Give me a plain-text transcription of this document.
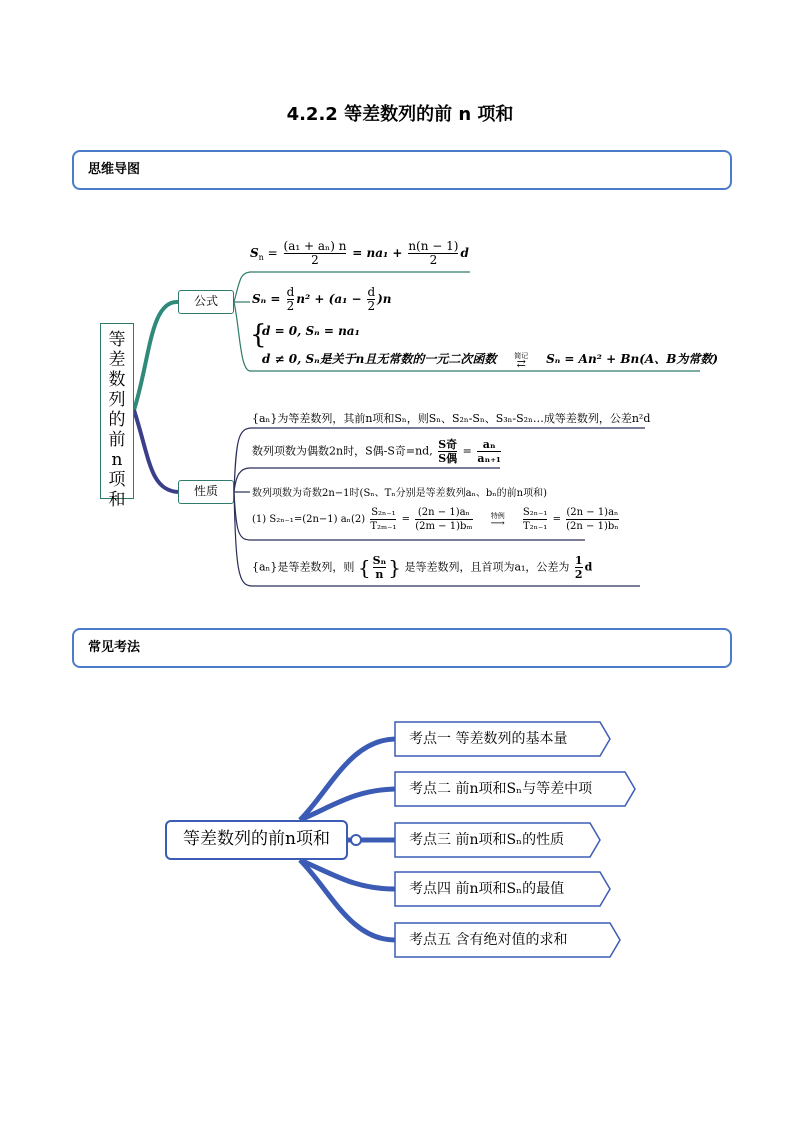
4.2.2 等差数列的前 n 项和
思维导图
等
差
数
列
的
前
n
项
和
公式
性质
$S_n = \frac{\text{(a₁ + aₙ) n}}{2} = na_1 + \frac{n(n - 1)}{2}$ d
$S_n = \frac{d}{2} n^2 + (a_1 - \frac{d}{2} )n$
{
d = 0, Sₙ = na₁
d ≠ 0, Sₙ是关于n且无常数的一元二次函数	简记
⇄	Sₙ = An² + Bn(A、B为常数)
{aₙ}为等差数列，其前n项和Sₙ，则Sₙ、S₂ₙ-Sₙ、S₃ₙ-S₂ₙ…成等差数列，公差n²d
数列项数为偶数2n时，S偶-S奇=nd, $\frac{\text{S奇}}{\text{S偶}} = \frac{\text{aₙ}}{\text{aₙ₊₁}}$
数列项数为奇数2n−1时(Sₙ、Tₙ分别是等差数列aₙ、bₙ的前n项和)
(1) S₂ₙ₋₁=(2n−1) $a_n(2) \frac{\text{S₂ₙ₋₁}}{\text{T₂ₘ₋₁}} = \frac{\text{(2n − 1)aₙ}}{\text{(2m − 1)bₘ}}$
	特例
⟶
	$\frac{\text{S₂ₙ₋₁}}{\text{T₂ₙ₋₁}} = \frac{\text{(2n − 1)aₙ}}{\text{(2n − 1)bₙ}}$
{aₙ}是等差数列，则 { $\frac{\text{Sₙ}}{n}$ } 是等差数列，且首项为a₁，公差为 $\frac{1}{2}$ d
常见考法
等差数列的前n项和
考点一 等差数列的基本量
考点二 前n项和Sₙ与等差中项
考点三 前n项和Sₙ的性质
考点四 前n项和Sₙ的最值
考点五 含有绝对值的求和
